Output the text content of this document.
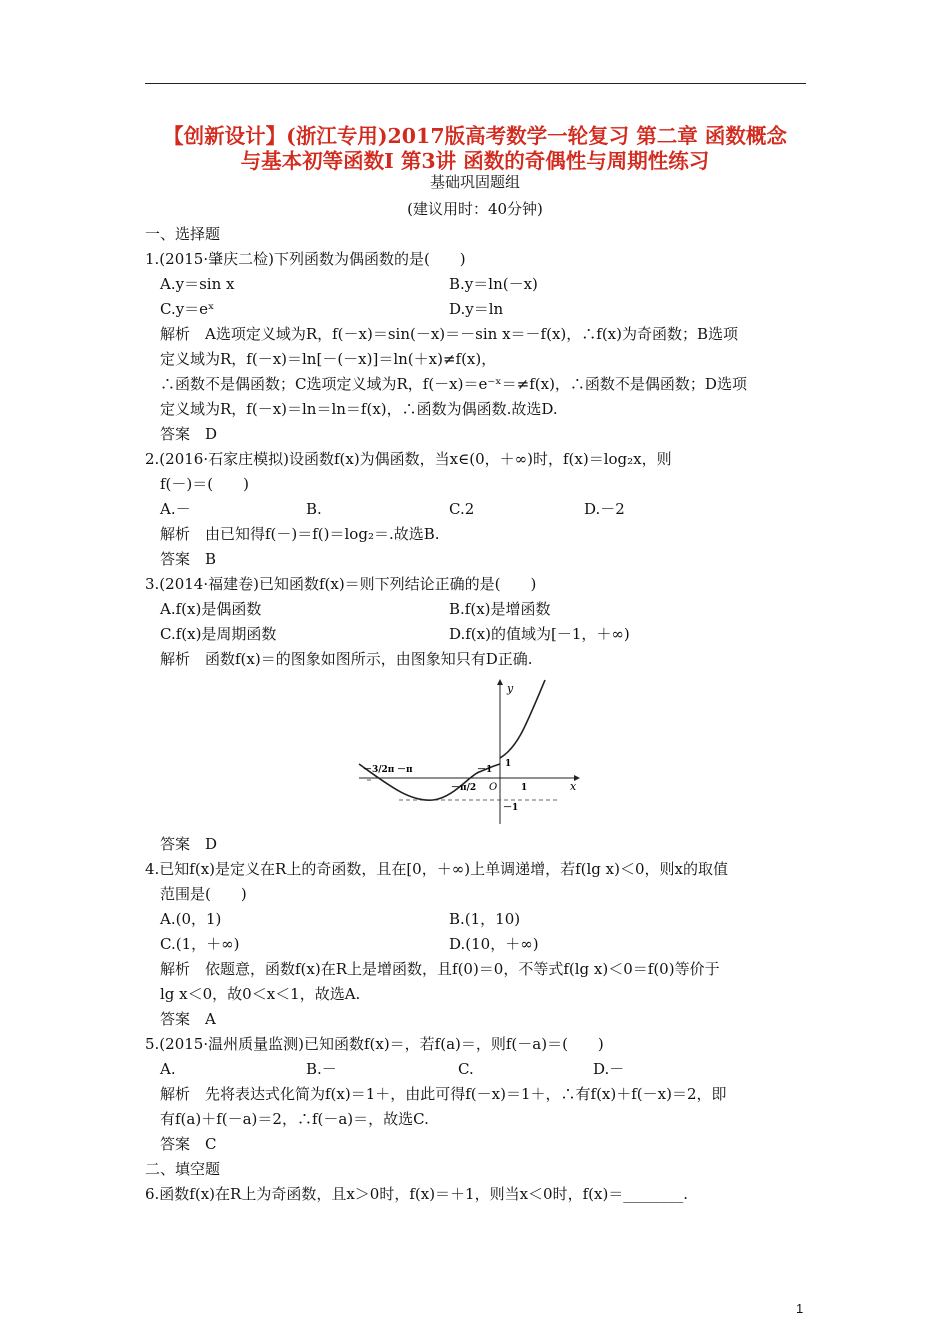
【创新设计】(浙江专用)2017版高考数学一轮复习 第二章 函数概念
与基本初等函数Ⅰ 第3讲 函数的奇偶性与周期性练习
基础巩固题组
(建议用时：40分钟)
一、选择题
1.(2015·肇庆二检)下列函数为偶函数的是(　　)
A.y＝sin x	B.y＝ln(－x)
C.y＝eˣ	D.y＝ln
解析　A选项定义域为R，f(－x)＝sin(－x)＝－sin x＝－f(x)，∴f(x)为奇函数；B选项
定义域为R，f(－x)＝ln[－(－x)]＝ln(＋x)≠f(x)，
∴函数不是偶函数；C选项定义域为R，f(－x)＝e⁻ˣ＝≠f(x)，∴函数不是偶函数；D选项
定义域为R，f(－x)＝ln＝ln＝f(x)，∴函数为偶函数.故选D.
答案　D
2.(2016·石家庄模拟)设函数f(x)为偶函数，当x∈(0，＋∞)时，f(x)＝log₂x，则
f(－)＝(　　)
A.－	B.	C.2	D.－2
解析　由已知得f(－)＝f()＝log₂＝.故选B.
答案　B
3.(2014·福建卷)已知函数f(x)＝则下列结论正确的是(　　)
A.f(x)是偶函数	B.f(x)是增函数
C.f(x)是周期函数	D.f(x)的值域为[－1，＋∞)
解析　函数f(x)＝的图象如图所示，由图象知只有D正确.
y
x
O
－3/2π －π
－π/2
－1
1
1
－1
答案　D
4.已知f(x)是定义在R上的奇函数，且在[0，＋∞)上单调递增，若f(lg x)＜0，则x的取值
范围是(　　)
A.(0，1)	B.(1，10)
C.(1，＋∞)	D.(10，＋∞)
解析　依题意，函数f(x)在R上是增函数，且f(0)＝0，不等式f(lg x)＜0＝f(0)等价于
lg x＜0，故0＜x＜1，故选A.
答案　A
5.(2015·温州质量监测)已知函数f(x)＝，若f(a)＝，则f(－a)＝(　　)
A.	B.－	C.	D.－
解析　先将表达式化简为f(x)＝1＋，由此可得f(－x)＝1＋，∴有f(x)＋f(－x)＝2，即
有f(a)＋f(－a)＝2，∴f(－a)＝，故选C.
答案　C
二、填空题
6.函数f(x)在R上为奇函数，且x＞0时，f(x)＝＋1，则当x＜0时，f(x)＝________.
1
